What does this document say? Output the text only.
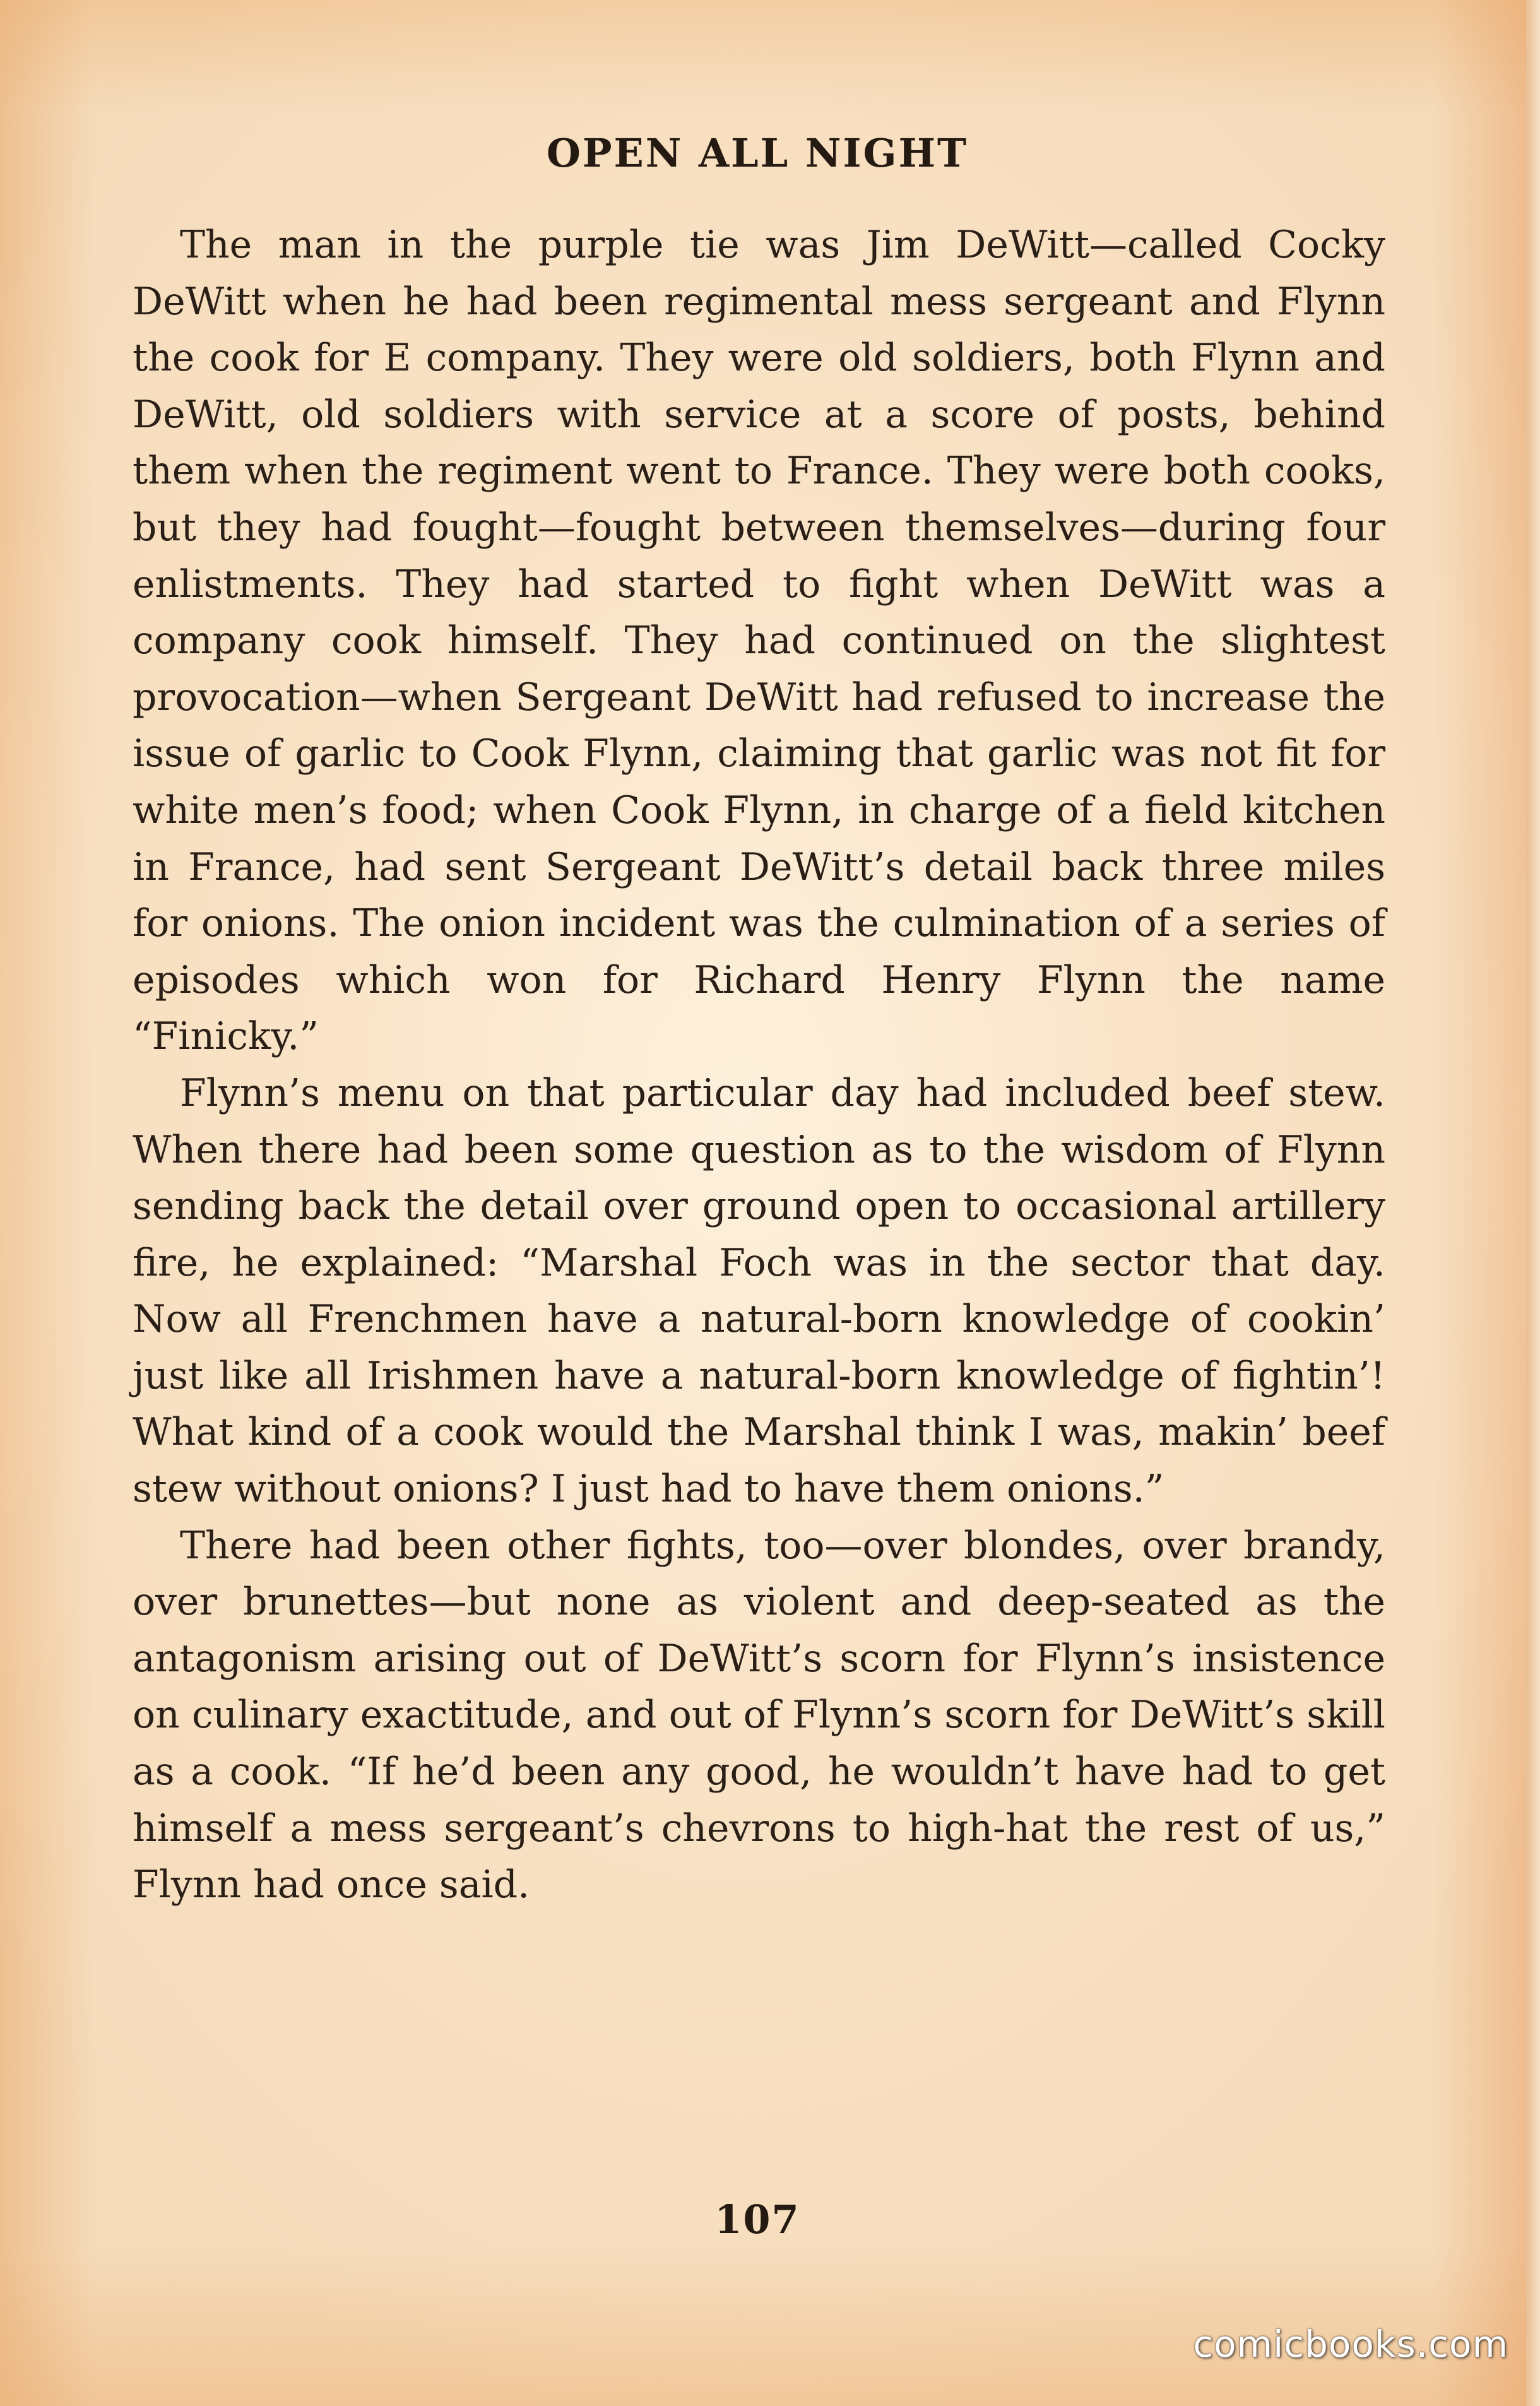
OPEN ALL NIGHT

The man in the purple tie was Jim DeWitt—called Cocky DeWitt when he had been regimental mess sergeant and Flynn the cook for E company. They were old soldiers, both Flynn and DeWitt, old soldiers with service at a score of posts, behind them when the regiment went to France. They were both cooks, but they had fought—fought between themselves—during four enlistments. They had started to fight when DeWitt was a company cook himself. They had continued on the slightest provocation—when Sergeant DeWitt had refused to increase the issue of garlic to Cook Flynn, claiming that garlic was not fit for white men’s food; when Cook Flynn, in charge of a field kitchen in France, had sent Sergeant DeWitt’s detail back three miles for onions. The onion incident was the culmination of a series of episodes which won for Richard Henry Flynn the name “Finicky.”

Flynn’s menu on that particular day had included beef stew. When there had been some question as to the wisdom of Flynn sending back the detail over ground open to occasional artillery fire, he explained: “Marshal Foch was in the sector that day. Now all Frenchmen have a natural-born knowledge of cookin’ just like all Irishmen have a natural-born knowledge of fightin’! What kind of a cook would the Marshal think I was, makin’ beef stew without onions? I just had to have them onions.”

There had been other fights, too—over blondes, over brandy, over brunettes—but none as violent and deep-seated as the antagonism arising out of DeWitt’s scorn for Flynn’s insistence on culinary exactitude, and out of Flynn’s scorn for DeWitt’s skill as a cook. “If he’d been any good, he wouldn’t have had to get himself a mess sergeant’s chevrons to high-hat the rest of us,” Flynn had once said.

107
comicbooks.com
